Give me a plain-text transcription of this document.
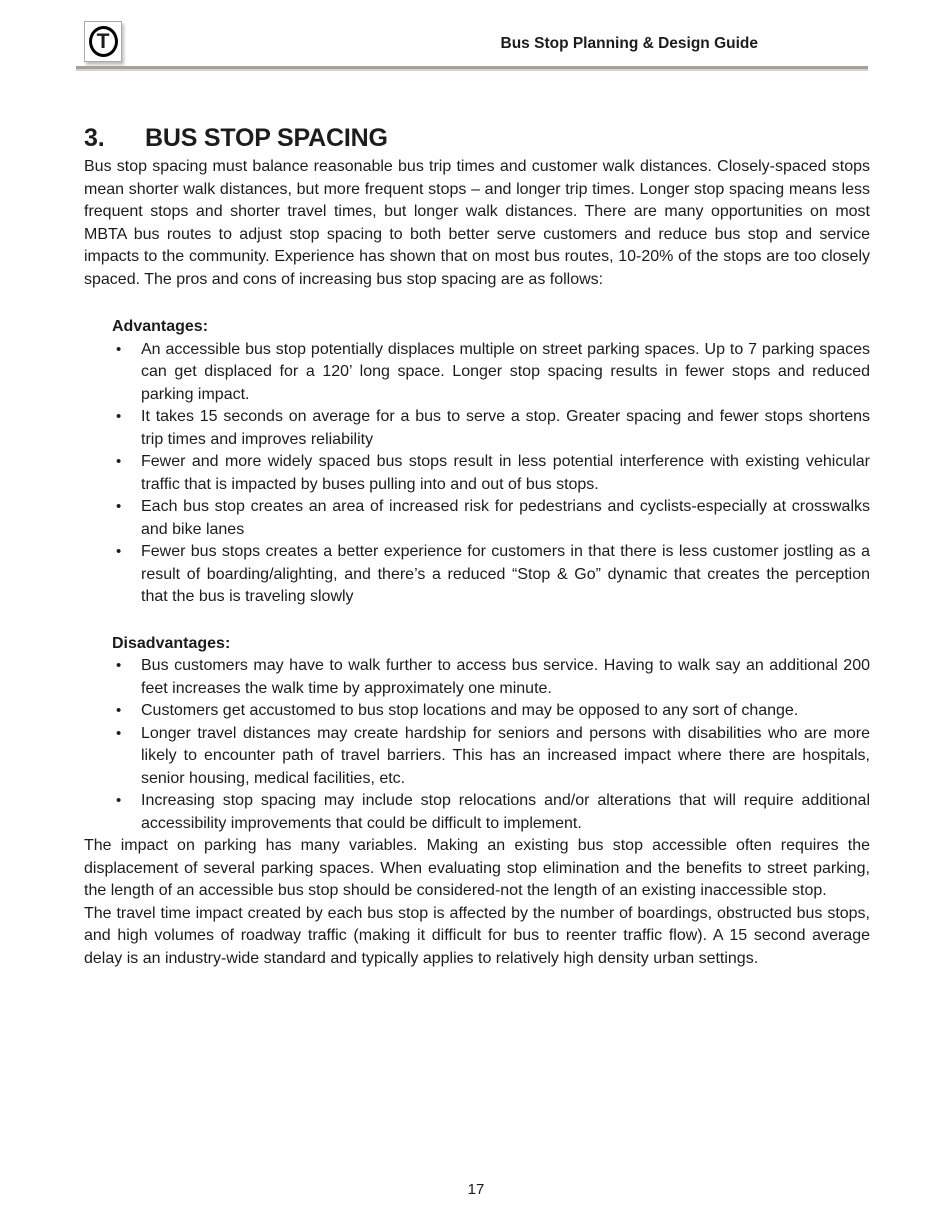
T	Bus Stop Planning & Design Guide
3. BUS STOP SPACING

Bus stop spacing must balance reasonable bus trip times and customer walk distances. Closely-spaced stops mean shorter walk distances, but more frequent stops – and longer trip times. Longer stop spacing means less frequent stops and shorter travel times, but longer walk distances. There are many opportunities on most MBTA bus routes to adjust stop spacing to both better serve customers and reduce bus stop and service impacts to the community. Experience has shown that on most bus routes, 10-20% of the stops are too closely spaced. The pros and cons of increasing bus stop spacing are as follows:

Advantages:

• An accessible bus stop potentially displaces multiple on street parking spaces. Up to 7 parking spaces can get displaced for a 120’ long space. Longer stop spacing results in fewer stops and reduced parking impact.
• It takes 15 seconds on average for a bus to serve a stop. Greater spacing and fewer stops shortens trip times and improves reliability
• Fewer and more widely spaced bus stops result in less potential interference with existing vehicular traffic that is impacted by buses pulling into and out of bus stops.
• Each bus stop creates an area of increased risk for pedestrians and cyclists-especially at crosswalks and bike lanes
• Fewer bus stops creates a better experience for customers in that there is less customer jostling as a result of boarding/alighting, and there’s a reduced “Stop & Go” dynamic that creates the perception that the bus is traveling slowly

Disadvantages:

• Bus customers may have to walk further to access bus service. Having to walk say an additional 200 feet increases the walk time by approximately one minute.
• Customers get accustomed to bus stop locations and may be opposed to any sort of change.
• Longer travel distances may create hardship for seniors and persons with disabilities who are more likely to encounter path of travel barriers. This has an increased impact where there are hospitals, senior housing, medical facilities, etc.
• Increasing stop spacing may include stop relocations and/or alterations that will require additional accessibility improvements that could be difficult to implement.

The impact on parking has many variables. Making an existing bus stop accessible often requires the displacement of several parking spaces. When evaluating stop elimination and the benefits to street parking, the length of an accessible bus stop should be considered-not the length of an existing inaccessible stop.

The travel time impact created by each bus stop is affected by the number of boardings, obstructed bus stops, and high volumes of roadway traffic (making it difficult for bus to reenter traffic flow). A 15 second average delay is an industry-wide standard and typically applies to relatively high density urban settings.

17
